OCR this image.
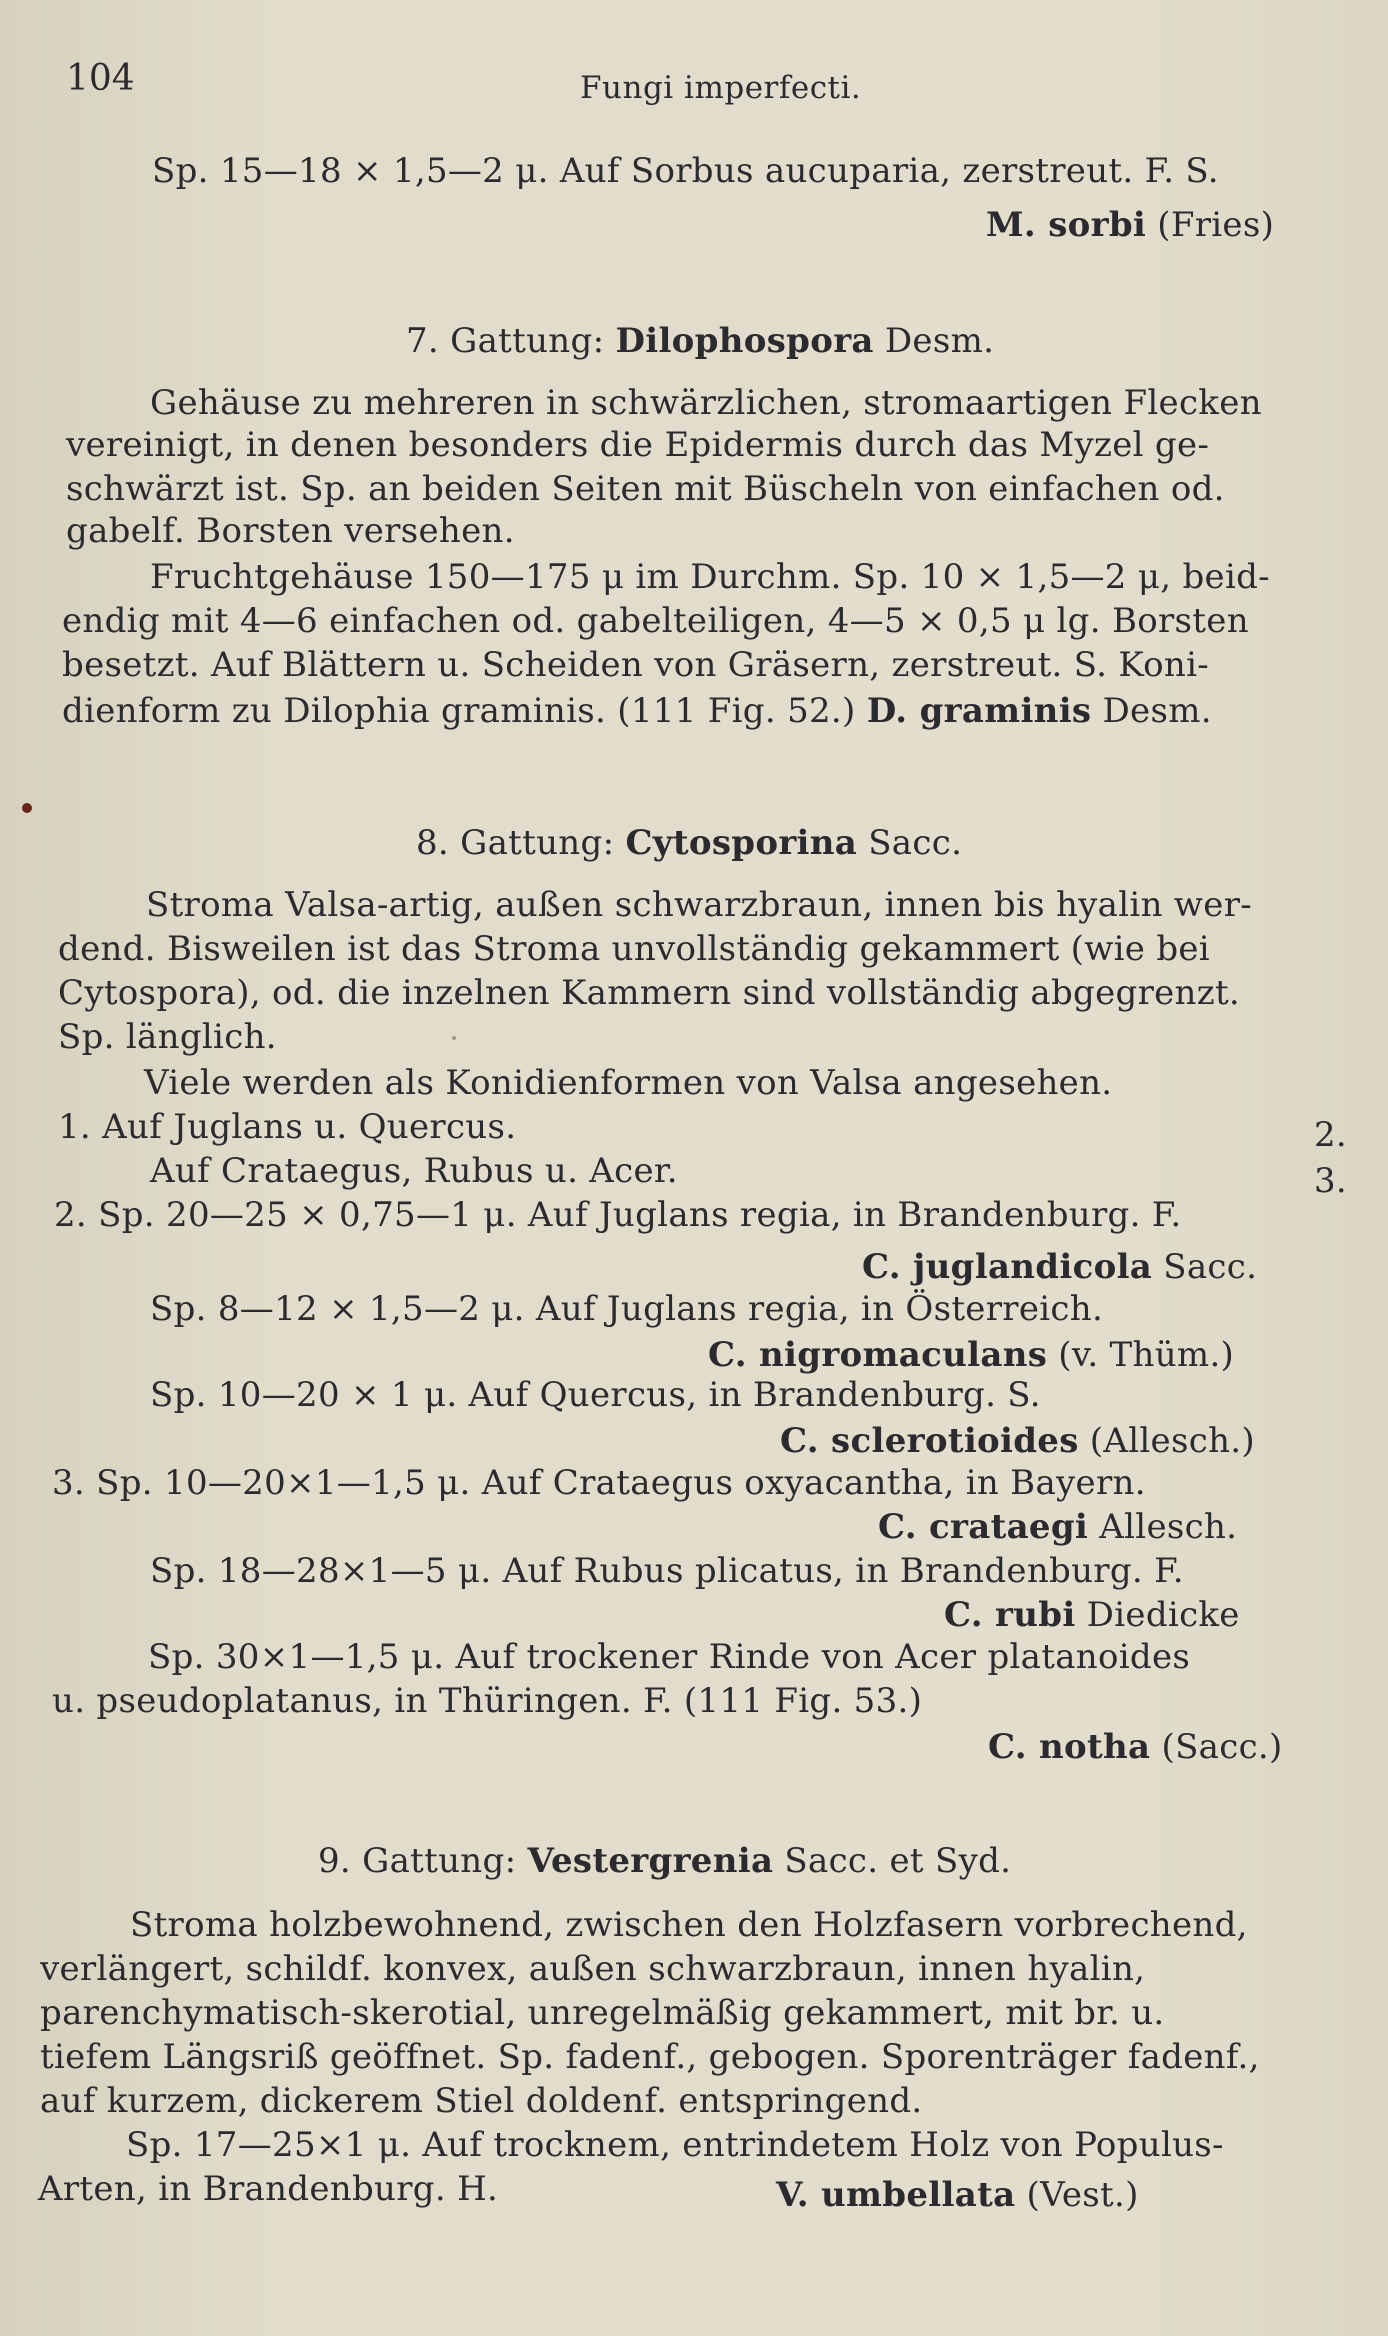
104	Fungi imperfecti.
Sp. 15—18 × 1,5—2 μ. Auf Sorbus aucuparia, zerstreut. F. S.
M. sorbi (Fries)
7. Gattung: Dilophospora Desm.
Gehäuse zu mehreren in schwärzlichen, stromaartigen Flecken
vereinigt, in denen besonders die Epidermis durch das Myzel ge-
schwärzt ist. Sp. an beiden Seiten mit Büscheln von einfachen od.
gabelf. Borsten versehen.
Fruchtgehäuse 150—175 μ im Durchm. Sp. 10 × 1,5—2 μ, beid-
endig mit 4—6 einfachen od. gabelteiligen, 4—5 × 0,5 μ lg. Borsten
besetzt. Auf Blättern u. Scheiden von Gräsern, zerstreut. S. Koni-
dienform zu Dilophia graminis. (111 Fig. 52.) D. graminis Desm.
8. Gattung: Cytosporina Sacc.
Stroma Valsa-artig, außen schwarzbraun, innen bis hyalin wer-
dend. Bisweilen ist das Stroma unvollständig gekammert (wie bei
Cytospora), od. die inzelnen Kammern sind vollständig abgegrenzt.
Sp. länglich.
Viele werden als Konidienformen von Valsa angesehen.
1. Auf Juglans u. Quercus.	2.
Auf Crataegus, Rubus u. Acer.	3.
2. Sp. 20—25 × 0,75—1 μ. Auf Juglans regia, in Brandenburg. F.
C. juglandicola Sacc.
Sp. 8—12 × 1,5—2 μ. Auf Juglans regia, in Österreich.
C. nigromaculans (v. Thüm.)
Sp. 10—20 × 1 μ. Auf Quercus, in Brandenburg. S.
C. sclerotioides (Allesch.)
3. Sp. 10—20×1—1,5 μ. Auf Crataegus oxyacantha, in Bayern.
C. crataegi Allesch.
Sp. 18—28×1—5 μ. Auf Rubus plicatus, in Brandenburg. F.
C. rubi Diedicke
Sp. 30×1—1,5 μ. Auf trockener Rinde von Acer platanoides
u. pseudoplatanus, in Thüringen. F. (111 Fig. 53.)
C. notha (Sacc.)
9. Gattung: Vestergrenia Sacc. et Syd.
Stroma holzbewohnend, zwischen den Holzfasern vorbrechend,
verlängert, schildf. konvex, außen schwarzbraun, innen hyalin,
parenchymatisch-skerotial, unregelmäßig gekammert, mit br. u.
tiefem Längsriß geöffnet. Sp. fadenf., gebogen. Sporenträger fadenf.,
auf kurzem, dickerem Stiel doldenf. entspringend.
Sp. 17—25×1 μ. Auf trocknem, entrindetem Holz von Populus-
Arten, in Brandenburg. H.	V. umbellata (Vest.)
